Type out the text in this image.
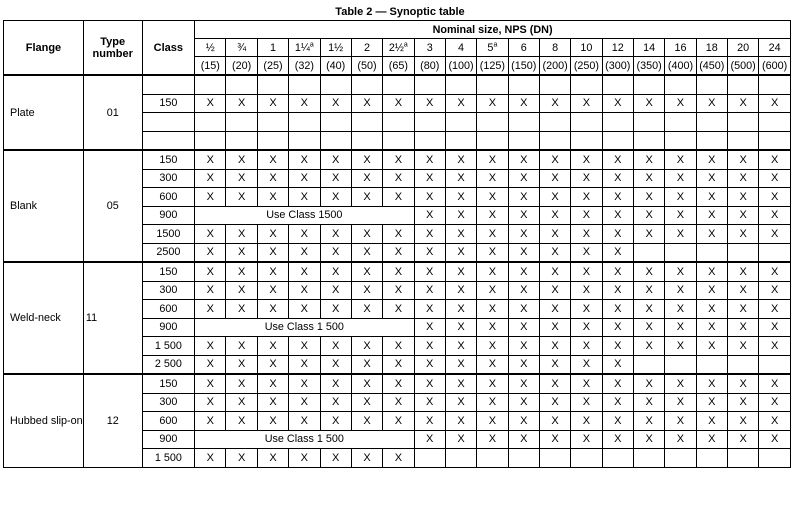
Table 2 — Synoptic table
Flange	Type number	Class	Nominal size, NPS (DN)																		
			½	¾	1	1¼$^a$	1½	2	2½$^a$	3	4	5$^a$	6	8	10	12	14	16	18	20	24
			(15)	(20)	(25)	(32)	(40)	(50)	(65)	(80)	(100)	(125)	(150)	(200)	(250)	(300)	(350)	(400)	(450)	(500)	(600)
Plate	01																				
		150	X	X	X	X	X	X	X	X	X	X	X	X	X	X	X	X	X	X	X

Blank	05	150	X	X	X	X	X	X	X	X	X	X	X	X	X	X	X	X	X	X	X
		300	X	X	X	X	X	X	X	X	X	X	X	X	X	X	X	X	X	X	X
		600	X	X	X	X	X	X	X	X	X	X	X	X	X	X	X	X	X	X	X
		900	Use Class 1500							X	X	X	X	X	X	X	X	X	X	X	X
		1500	X	X	X	X	X	X	X	X	X	X	X	X	X	X	X	X	X	X	X
		2500	X	X	X	X	X	X	X	X	X	X	X	X	X	X					
Weld-neck	11	150	X	X	X	X	X	X	X	X	X	X	X	X	X	X	X	X	X	X	X
		300	X	X	X	X	X	X	X	X	X	X	X	X	X	X	X	X	X	X	X
		600	X	X	X	X	X	X	X	X	X	X	X	X	X	X	X	X	X	X	X
		900	Use Class 1 500							X	X	X	X	X	X	X	X	X	X	X	X
		1 500	X	X	X	X	X	X	X	X	X	X	X	X	X	X	X	X	X	X	X
		2 500	X	X	X	X	X	X	X	X	X	X	X	X	X	X					
Hubbed slip-on	12	150	X	X	X	X	X	X	X	X	X	X	X	X	X	X	X	X	X	X	X
		300	X	X	X	X	X	X	X	X	X	X	X	X	X	X	X	X	X	X	X
		600	X	X	X	X	X	X	X	X	X	X	X	X	X	X	X	X	X	X	X
		900	Use Class 1 500							X	X	X	X	X	X	X	X	X	X	X	X
		1 500	X	X	X	X	X	X	X												
